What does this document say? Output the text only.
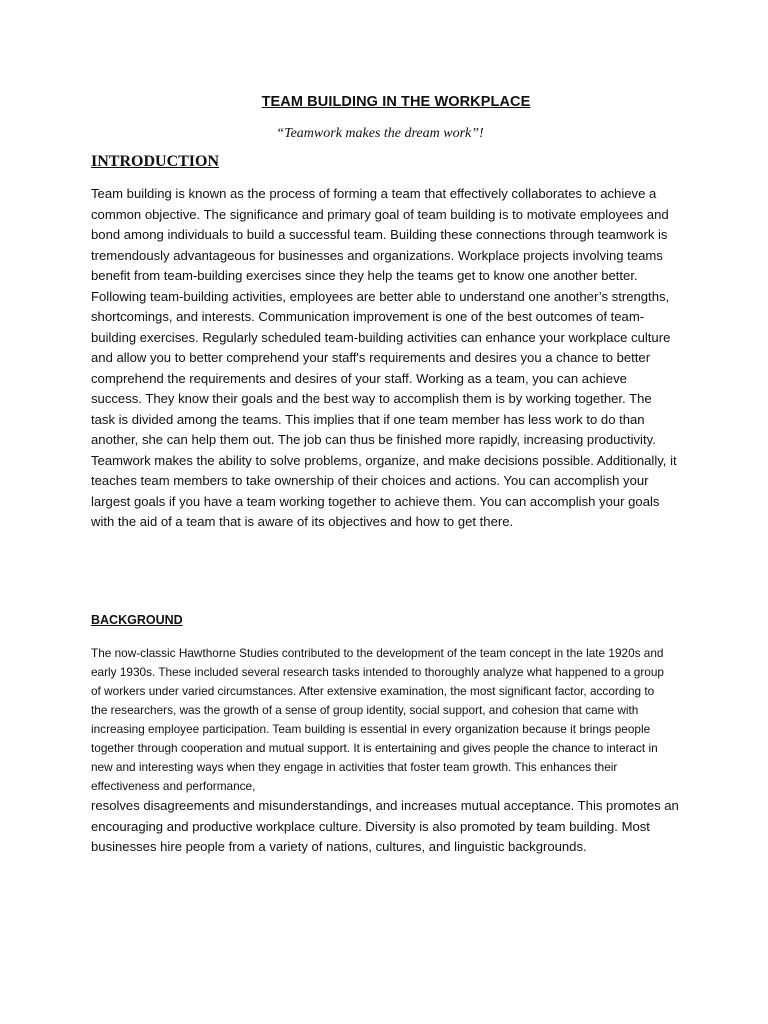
TEAM BUILDING IN THE WORKPLACE
“Teamwork makes the dream work”!
INTRODUCTION

Team building is known as the process of forming a team that effectively collaborates to achieve a common objective. The significance and primary goal of team building is to motivate employees and bond among individuals to build a successful team. Building these connections through teamwork is tremendously advantageous for businesses and organizations. Workplace projects involving teams benefit from team-building exercises since they help the teams get to know one another better. Following team-building activities, employees are better able to understand one another’s strengths, shortcomings, and interests. Communication improvement is one of the best outcomes of team-building exercises. Regularly scheduled team-building activities can enhance your workplace culture and allow you to better comprehend your staff's requirements and desires you a chance to better comprehend the requirements and desires of your staff. Working as a team, you can achieve success. They know their goals and the best way to accomplish them is by working together. The task is divided among the teams. This implies that if one team member has less work to do than another, she can help them out. The job can thus be finished more rapidly, increasing productivity. Teamwork makes the ability to solve problems, organize, and make decisions possible. Additionally, it teaches team members to take ownership of their choices and actions. You can accomplish your largest goals if you have a team working together to achieve them. You can accomplish your goals with the aid of a team that is aware of its objectives and how to get there.

BACKGROUND

The now-classic Hawthorne Studies contributed to the development of the team concept in the late 1920s and early 1930s. These included several research tasks intended to thoroughly analyze what happened to a group of workers under varied circumstances. After extensive examination, the most significant factor, according to the researchers, was the growth of a sense of group identity, social support, and cohesion that came with increasing employee participation. Team building is essential in every organization because it brings people together through cooperation and mutual support. It is entertaining and gives people the chance to interact in new and interesting ways when they engage in activities that foster team growth. This enhances their effectiveness and performance,

resolves disagreements and misunderstandings, and increases mutual acceptance. This promotes an encouraging and productive workplace culture. Diversity is also promoted by team building. Most businesses hire people from a variety of nations, cultures, and linguistic backgrounds.
